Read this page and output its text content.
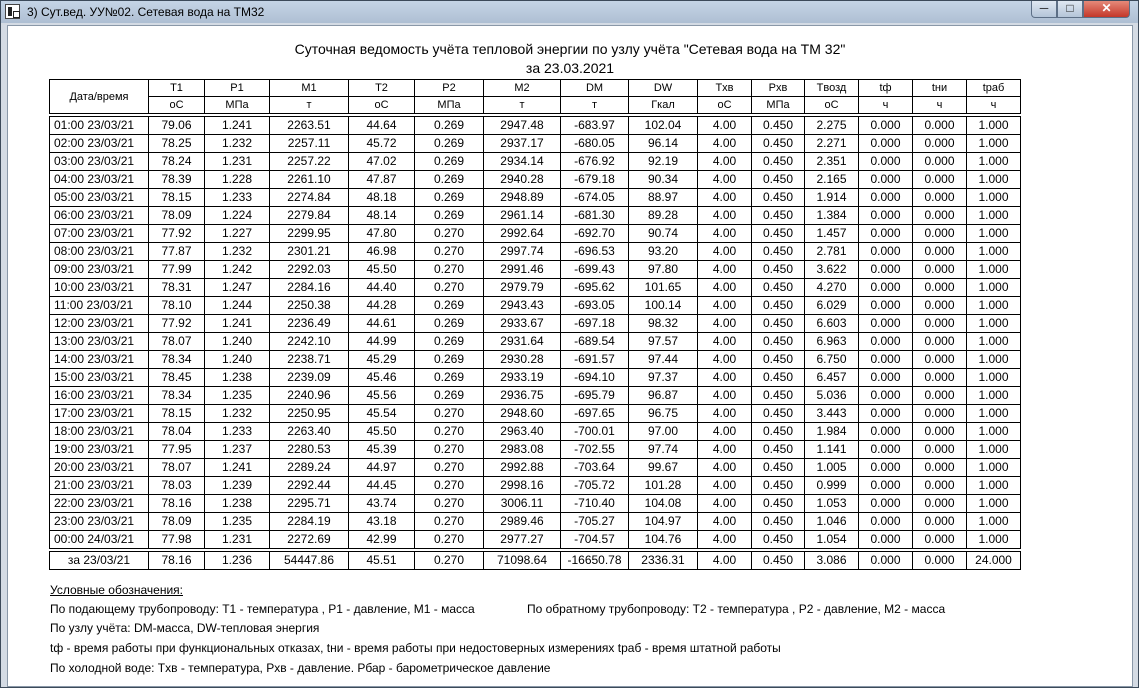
3) Сут.вед. УУ№02. Сетевая вода на ТМ32	─	□	✕
Суточная ведомость учёта тепловой энергии по узлу учёта "Сетевая вода на ТМ 32"
за 23.03.2021
Дата/время	T1	P1	M1	T2	P2	M2	DM	DW	Tхв	Pхв	Tвозд	tф	tни	tраб
	oC	МПа	т	oC	МПа	т	т	Гкал	oC	МПа	oC	ч	ч	ч

01:00 23/03/21	79.06	1.241	2263.51	44.64	0.269	2947.48	-683.97	102.04	4.00	0.450	2.275	0.000	0.000	1.000
02:00 23/03/21	78.25	1.232	2257.11	45.72	0.269	2937.17	-680.05	96.14	4.00	0.450	2.271	0.000	0.000	1.000
03:00 23/03/21	78.24	1.231	2257.22	47.02	0.269	2934.14	-676.92	92.19	4.00	0.450	2.351	0.000	0.000	1.000
04:00 23/03/21	78.39	1.228	2261.10	47.87	0.269	2940.28	-679.18	90.34	4.00	0.450	2.165	0.000	0.000	1.000
05:00 23/03/21	78.15	1.233	2274.84	48.18	0.269	2948.89	-674.05	88.97	4.00	0.450	1.914	0.000	0.000	1.000
06:00 23/03/21	78.09	1.224	2279.84	48.14	0.269	2961.14	-681.30	89.28	4.00	0.450	1.384	0.000	0.000	1.000
07:00 23/03/21	77.92	1.227	2299.95	47.80	0.270	2992.64	-692.70	90.74	4.00	0.450	1.457	0.000	0.000	1.000
08:00 23/03/21	77.87	1.232	2301.21	46.98	0.270	2997.74	-696.53	93.20	4.00	0.450	2.781	0.000	0.000	1.000
09:00 23/03/21	77.99	1.242	2292.03	45.50	0.270	2991.46	-699.43	97.80	4.00	0.450	3.622	0.000	0.000	1.000
10:00 23/03/21	78.31	1.247	2284.16	44.40	0.270	2979.79	-695.62	101.65	4.00	0.450	4.270	0.000	0.000	1.000
11:00 23/03/21	78.10	1.244	2250.38	44.28	0.269	2943.43	-693.05	100.14	4.00	0.450	6.029	0.000	0.000	1.000
12:00 23/03/21	77.92	1.241	2236.49	44.61	0.269	2933.67	-697.18	98.32	4.00	0.450	6.603	0.000	0.000	1.000
13:00 23/03/21	78.07	1.240	2242.10	44.99	0.269	2931.64	-689.54	97.57	4.00	0.450	6.963	0.000	0.000	1.000
14:00 23/03/21	78.34	1.240	2238.71	45.29	0.269	2930.28	-691.57	97.44	4.00	0.450	6.750	0.000	0.000	1.000
15:00 23/03/21	78.45	1.238	2239.09	45.46	0.269	2933.19	-694.10	97.37	4.00	0.450	6.457	0.000	0.000	1.000
16:00 23/03/21	78.34	1.235	2240.96	45.56	0.269	2936.75	-695.79	96.87	4.00	0.450	5.036	0.000	0.000	1.000
17:00 23/03/21	78.15	1.232	2250.95	45.54	0.270	2948.60	-697.65	96.75	4.00	0.450	3.443	0.000	0.000	1.000
18:00 23/03/21	78.04	1.233	2263.40	45.50	0.270	2963.40	-700.01	97.00	4.00	0.450	1.984	0.000	0.000	1.000
19:00 23/03/21	77.95	1.237	2280.53	45.39	0.270	2983.08	-702.55	97.74	4.00	0.450	1.141	0.000	0.000	1.000
20:00 23/03/21	78.07	1.241	2289.24	44.97	0.270	2992.88	-703.64	99.67	4.00	0.450	1.005	0.000	0.000	1.000
21:00 23/03/21	78.03	1.239	2292.44	44.45	0.270	2998.16	-705.72	101.28	4.00	0.450	0.999	0.000	0.000	1.000
22:00 23/03/21	78.16	1.238	2295.71	43.74	0.270	3006.11	-710.40	104.08	4.00	0.450	1.053	0.000	0.000	1.000
23:00 23/03/21	78.09	1.235	2284.19	43.18	0.270	2989.46	-705.27	104.97	4.00	0.450	1.046	0.000	0.000	1.000
00:00 24/03/21	77.98	1.231	2272.69	42.99	0.270	2977.27	-704.57	104.76	4.00	0.450	1.054	0.000	0.000	1.000

за 23/03/21	78.16	1.236	54447.86	45.51	0.270	71098.64	-16650.78	2336.31	4.00	0.450	3.086	0.000	0.000	24.000
Условные обозначения:
По подающему трубопроводу: T1 - температура , P1 - давление, M1 - масса	По обратному трубопроводу: T2 - температура , P2 - давление, M2 - масса
По узлу учёта: DM-масса, DW-тепловая энергия
tф - время работы при функциональных отказах, tни - время работы при недостоверных измерениях tраб - время штатной работы
По холодной воде: Tхв - температура, Pхв - давление. Pбар - барометрическое давление
